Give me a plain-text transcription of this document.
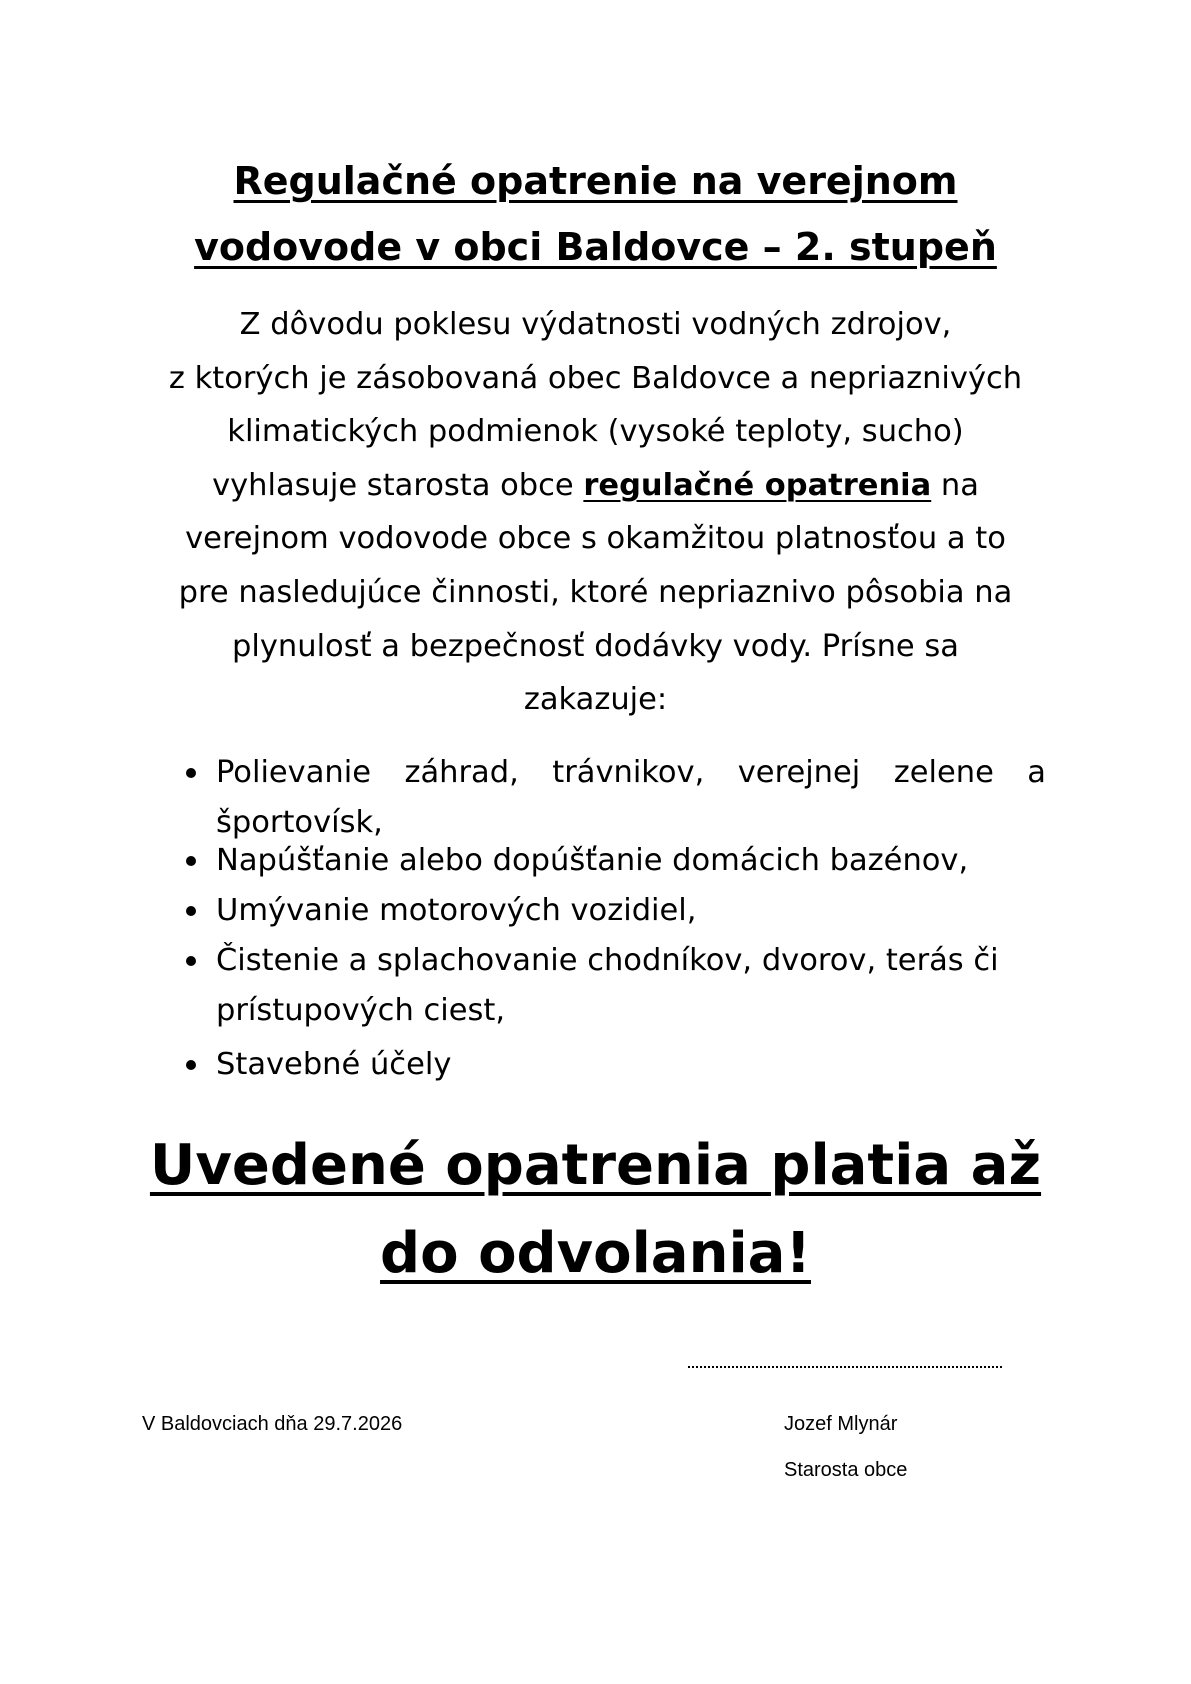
Regulačné opatrenie na verejnom
vodovode v obci Baldovce – 2. stupeň

Z dôvodu poklesu výdatnosti vodných zdrojov,
z ktorých je zásobovaná obec Baldovce a nepriaznivých
klimatických podmienok (vysoké teploty, sucho)
vyhlasuje starosta obce regulačné opatrenia na
verejnom vodovode obce s okamžitou platnosťou a to
pre nasledujúce činnosti, ktoré nepriaznivo pôsobia na
plynulosť a bezpečnosť dodávky vody. Prísne sa
zakazuje:

Polievanie záhrad, trávnikov, verejnej zelene a športovísk,
Napúšťanie alebo dopúšťanie domácich bazénov,
Umývanie motorových vozidiel,
Čistenie a splachovanie chodníkov, dvorov, terás či prístupových ciest,
Stavebné účely

Uvedené opatrenia platia až
do odvolania!

V Baldovciach dňa 29.7.2026	Jozef Mlynár
Starosta obce
